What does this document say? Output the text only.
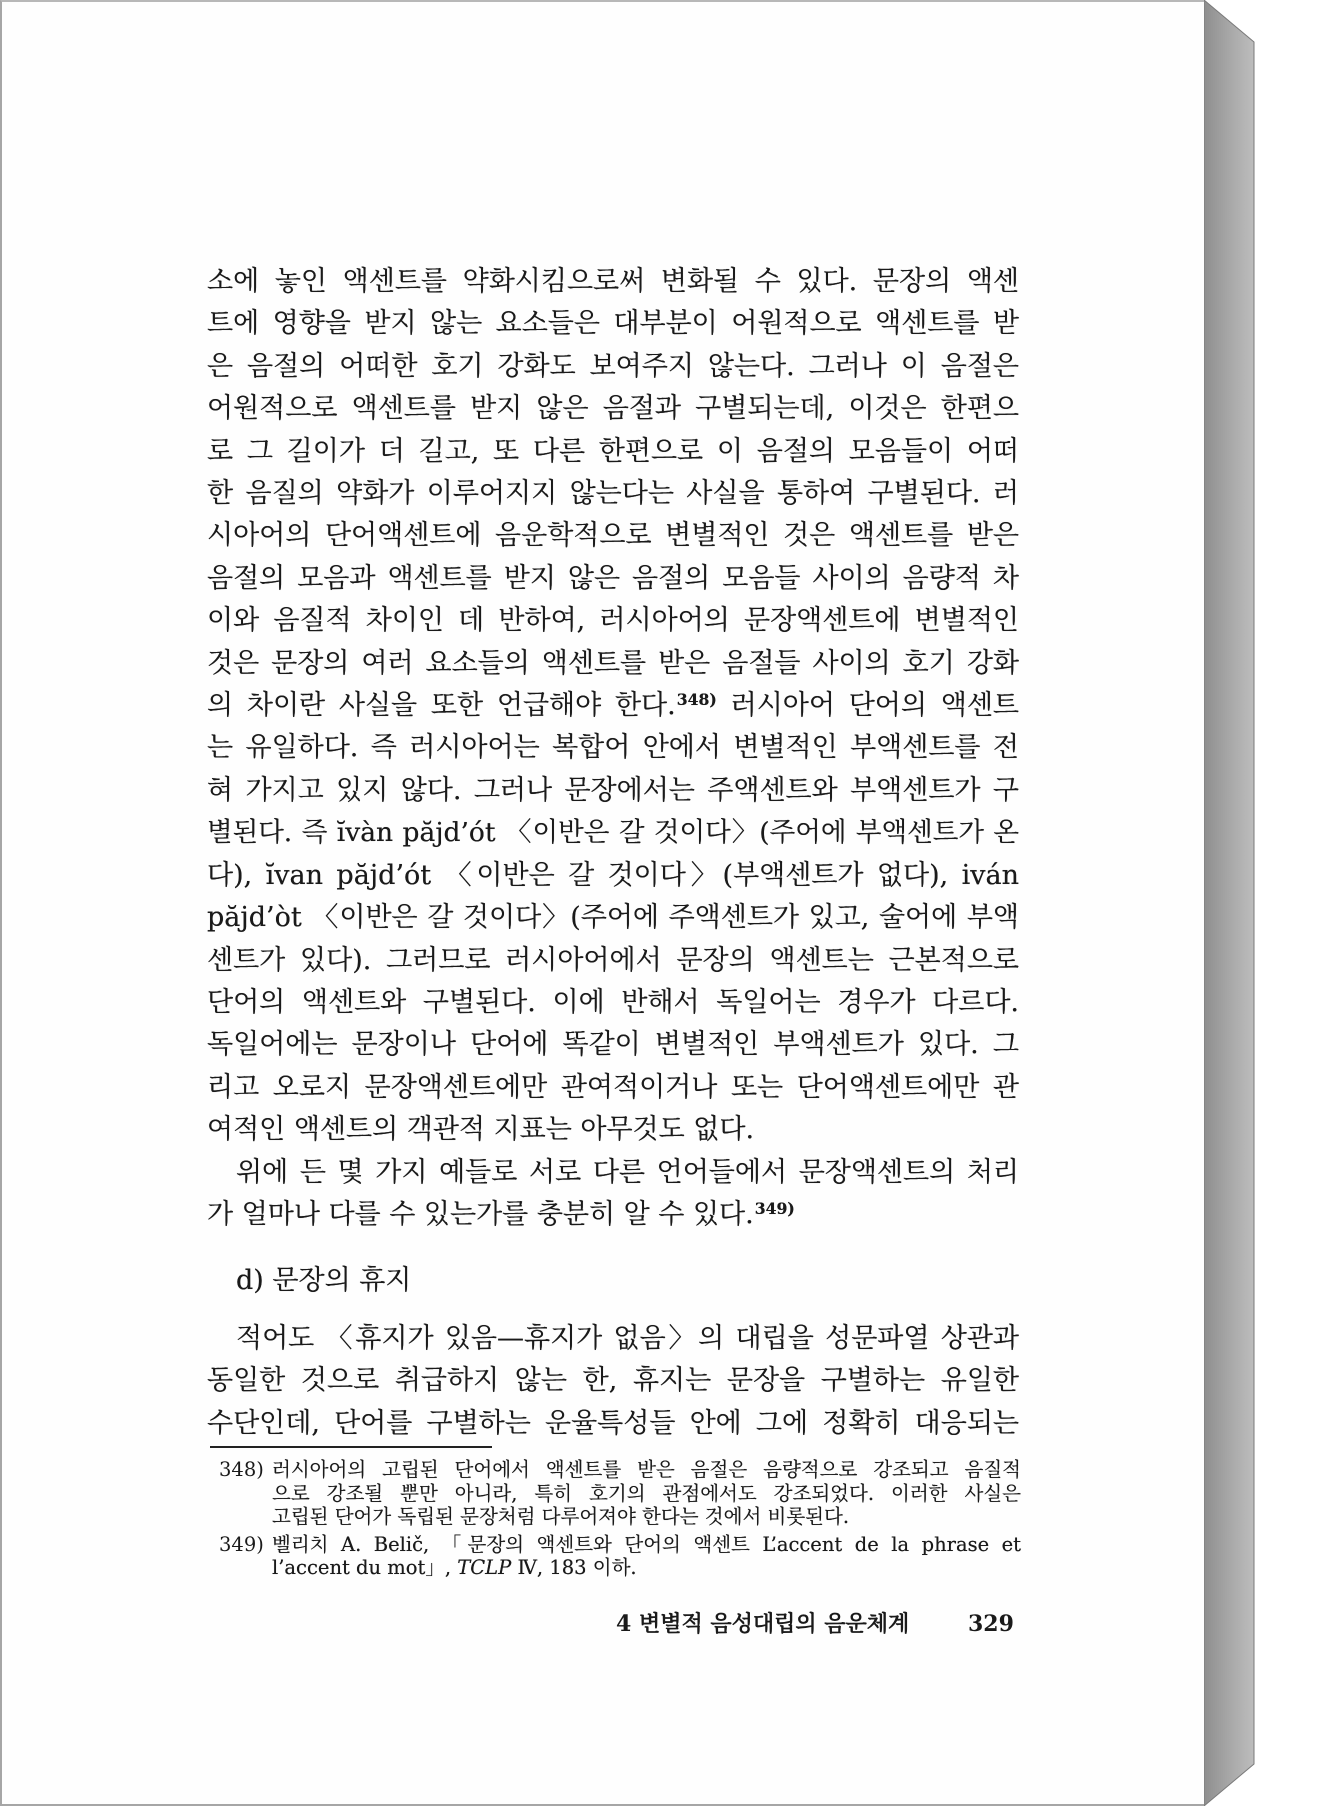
소에 놓인 액센트를 약화시킴으로써 변화될 수 있다. 문장의 액센
트에 영향을 받지 않는 요소들은 대부분이 어원적으로 액센트를 받
은 음절의 어떠한 호기 강화도 보여주지 않는다. 그러나 이 음절은
어원적으로 액센트를 받지 않은 음절과 구별되는데, 이것은 한편으
로 그 길이가 더 길고, 또 다른 한편으로 이 음절의 모음들이 어떠
한 음질의 약화가 이루어지지 않는다는 사실을 통하여 구별된다. 러
시아어의 단어액센트에 음운학적으로 변별적인 것은 액센트를 받은
음절의 모음과 액센트를 받지 않은 음절의 모음들 사이의 음량적 차
이와 음질적 차이인 데 반하여, 러시아어의 문장액센트에 변별적인
것은 문장의 여러 요소들의 액센트를 받은 음절들 사이의 호기 강화
의 차이란 사실을 또한 언급해야 한다.$^{348)}$ 러시아어 단어의 액센트
는 유일하다. 즉 러시아어는 복합어 안에서 변별적인 부액센트를 전
혀 가지고 있지 않다. 그러나 문장에서는 주액센트와 부액센트가 구
별된다. 즉 ĭvàn păjd’ót 〈이반은 갈 것이다〉(주어에 부액센트가 온
다), ĭvan păjd’ót 〈이반은 갈 것이다〉(부액센트가 없다), iván
păjd’òt 〈이반은 갈 것이다〉(주어에 주액센트가 있고, 술어에 부액
센트가 있다). 그러므로 러시아어에서 문장의 액센트는 근본적으로
단어의 액센트와 구별된다. 이에 반해서 독일어는 경우가 다르다.
독일어에는 문장이나 단어에 똑같이 변별적인 부액센트가 있다. 그
리고 오로지 문장액센트에만 관여적이거나 또는 단어액센트에만 관
여적인 액센트의 객관적 지표는 아무것도 없다.
위에 든 몇 가지 예들로 서로 다른 언어들에서 문장액센트의 처리
가 얼마나 다를 수 있는가를 충분히 알 수 있다.$^{349)}$
d) 문장의 휴지
적어도 〈휴지가 있음—휴지가 없음〉의 대립을 성문파열 상관과
동일한 것으로 취급하지 않는 한, 휴지는 문장을 구별하는 유일한
수단인데, 단어를 구별하는 운율특성들 안에 그에 정확히 대응되는
348) 러시아어의 고립된 단어에서 액센트를 받은 음절은 음량적으로 강조되고 음질적
으로 강조될 뿐만 아니라, 특히 호기의 관점에서도 강조되었다. 이러한 사실은
고립된 단어가 독립된 문장처럼 다루어져야 한다는 것에서 비롯된다.
349) 벨리치 A. Belič, 「문장의 액센트와 단어의 액센트 L’accent de la phrase et
l’accent du mot」, TCLP Ⅳ, 183 이하.
4 변별적 음성대립의 음운체계	329
